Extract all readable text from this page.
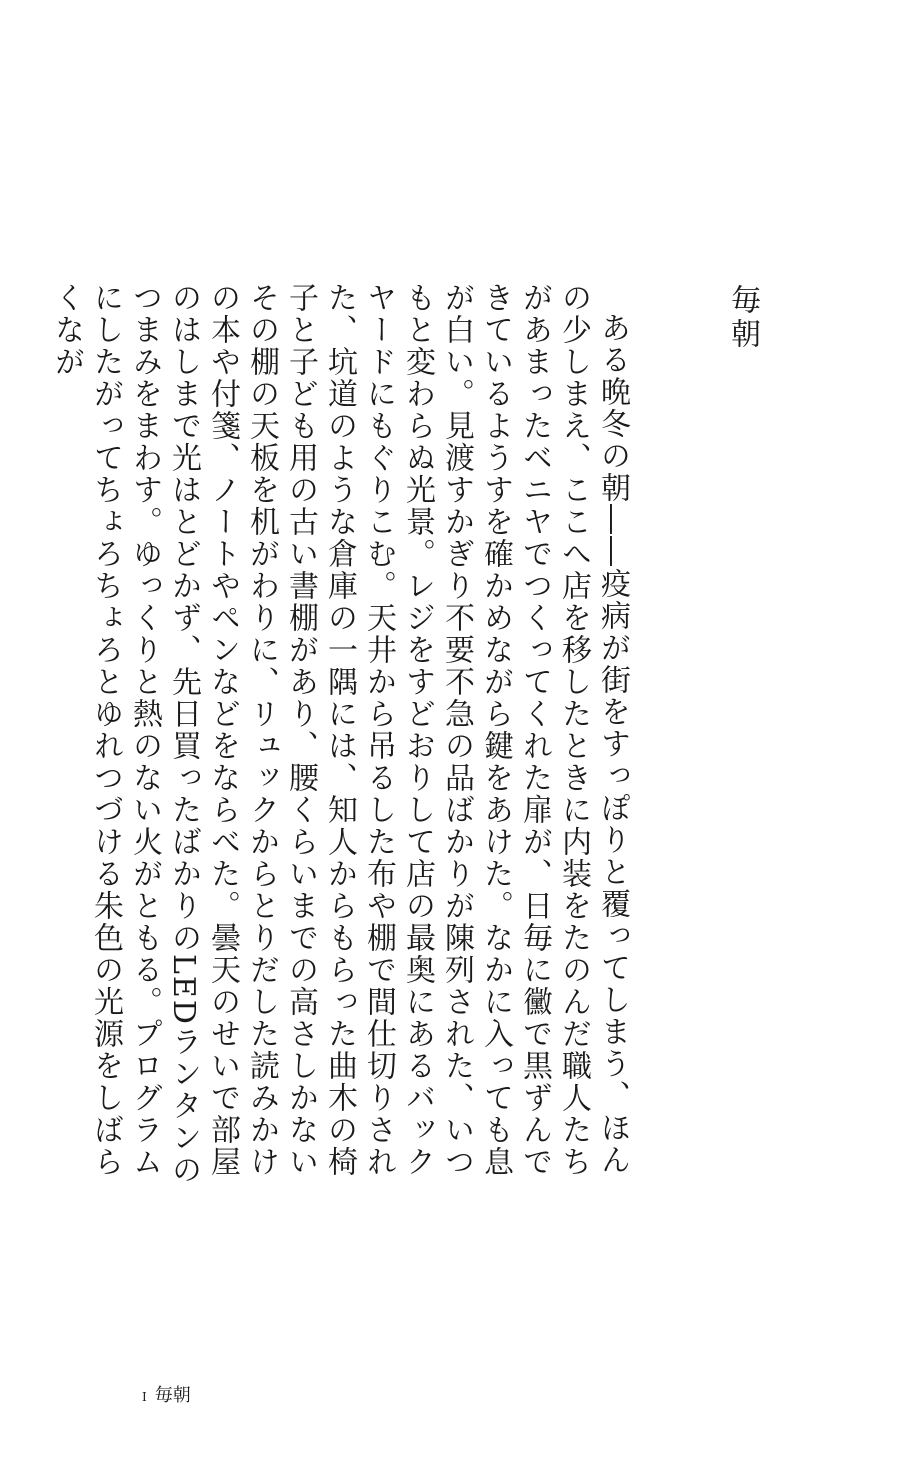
毎朝

ある晩冬の朝――疫病が街をすっぽりと覆ってしまう、ほんの少しまえ、ここへ店を移したときに内装をたのんだ職人たちがあまったベニヤでつくってくれた扉が、日毎に黴で黒ずんできているようすを確かめながら鍵をあけた。なかに入っても息が白い。見渡すかぎり不要不急の品ばかりが陳列された、いつもと変わらぬ光景。レジをすどおりして店の最奥にあるバックヤードにもぐりこむ。天井から吊るした布や棚で間仕切りされた、坑道のような倉庫の一隅には、知人からもらった曲木の椅子と子ども用の古い書棚があり、腰くらいまでの高さしかないその棚の天板を机がわりに、リュックからとりだした読みかけの本や付箋、ノートやペンなどをならべた。曇天のせいで部屋のはしまで光はとどかず、先日買ったばかりのLEDランタンのつまみをまわす。ゆっくりと熱のない火がともる。プログラムにしたがってちょろちょろとゆれつづける朱色の光源をしばらくなが

I 毎朝
